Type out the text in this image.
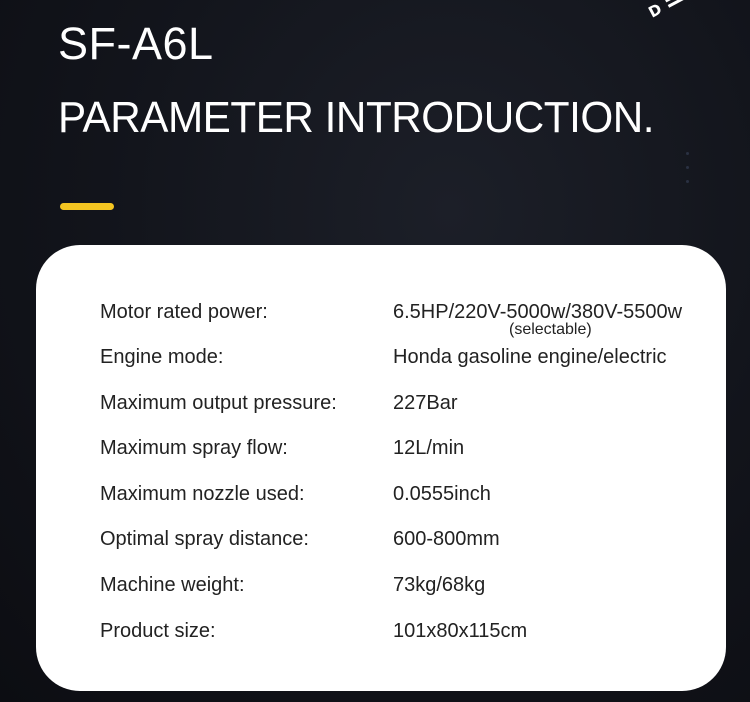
D
SF-A6L
PARAMETER INTRODUCTION.
Motor rated power:	6.5HP/220V-5000w/380V-5500w
(selectable)
Engine mode:	Honda gasoline engine/electric
Maximum output pressure:	227Bar
Maximum spray flow:	12L/min
Maximum nozzle used:	0.0555inch
Optimal spray distance:	600-800mm
Machine weight:	73kg/68kg
Product size:	101x80x115cm
